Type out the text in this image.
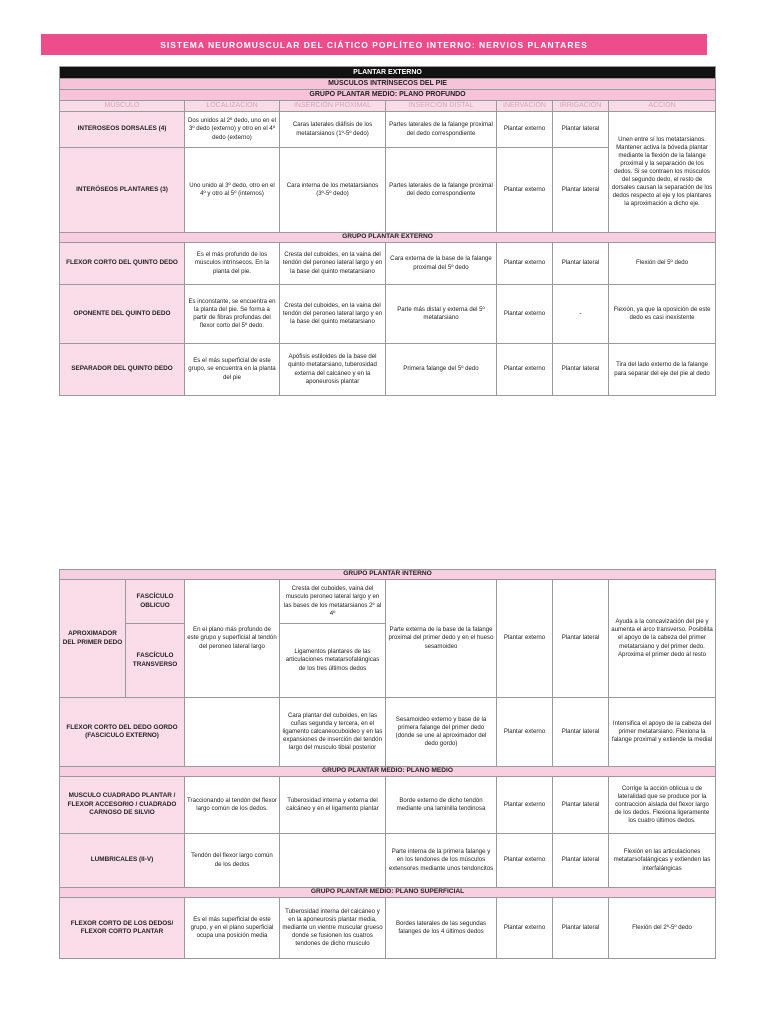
SISTEMA NEUROMUSCULAR DEL CIÁTICO POPLÍTEO INTERNO: NERVIOS PLANTARES
PLANTAR EXTERNO						
MÚSCULOS INTRÍNSECOS DEL PIE						
GRUPO PLANTAR MEDIO: PLANO PROFUNDO						
MÚSCULO	LOCALIZACIÓN	INSERCIÓN PROXIMAL	INSERCIÓN DISTAL	INERVACIÓN	IRRIGACIÓN	ACCIÓN
INTEROSEOS DORSALES (4)	Dos unidos al 2º dedo, uno en el 3º dedo (externo) y otro en el 4º dedo (externo)	Caras laterales diáfisis de los metatarsianos (1º-5º dedo)	Partes laterales de la falange proximal del dedo correspondiente	Plantar externo	Plantar lateral	Unen entre sí los metatarsianos. Mantener activa la bóveda plantar mediante la flexión de la falange proximal y la separación de los dedos. Si se contraen los músculos del segundo dedo, el resto de dorsales causan la separación de los dedos respecto al eje y los plantares la aproximación a dicho eje.
INTERÓSEOS PLANTARES (3)	Uno unido al 3º dedo, otro en el 4º y otro al 5º (internos)	Cara interna de los metatarsianos (3º-5º dedo)	Partes laterales de la falange proximal del dedo correspondiente	Plantar externo	Plantar lateral	
GRUPO PLANTAR EXTERNO						
FLEXOR CORTO DEL QUINTO DEDO	Es el más profundo de los músculos intrínsecos. En la planta del pie.	Cresta del cuboides, en la vaina del tendón del peroneo lateral largo y en la base del quinto metatarsiano	Cara externa de la base de la falange proximal del 5º dedo	Plantar externo	Plantar lateral	Flexión del 5º dedo
OPONENTE DEL QUINTO DEDO	Es inconstante, se encuentra en la planta del pie. Se forma a partir de fibras profundas del flexor corto del 5º dedo.	Cresta del cuboides, en la vaina del tendón del peroneo lateral largo y en la base del quinto metatarsiano	Parte más distal y externa del 5º metatarsiano	Plantar externo	-	Flexión, ya que la oposición de este dedo es casi inexistente
SEPARADOR DEL QUINTO DEDO	Es el más superficial de este grupo, se encuentra en la planta del pie	Apófisis estiloides de la base del quinto metatarsiano, tuberosidad externa del calcáneo y en la aponeurosis plantar	Primera falange del 5º dedo	Plantar externo	Plantar lateral	Tira del lado externo de la falange para separar del eje del pie al dedo
GRUPO PLANTAR INTERNO							
APROXIMADOR DEL PRIMER DEDO	FASCÍCULO OBLICUO	En el plano más profundo de este grupo y superficial al tendón del peroneo lateral largo	Cresta del cuboides, vaina del musculo peroneo lateral largo y en las bases de los metatarsianos 2º al 4º	Parte externa de la base de la falange proximal del primer dedo y en el hueso sesamoideo	Plantar externo	Plantar lateral	Ayuda a la concavización del pie y aumenta el arco transverso. Posibilita el apoyo de la cabeza del primer metatarsiano y del primer dedo. Aproxima el primer dedo al resto
	FASCÍCULO TRANSVERSO		Ligamentos plantares de las articulaciones metatarsofalángicas de los tres últimos dedos				
FLEXOR CORTO DEL DEDO GORDO (FASCICULO EXTERNO)			Cara plantar del cuboides, en las cuñas segunda y tercera, en el ligamento calcaneocuboideo y en las expansiones de inserción del tendón largo del musculo tibial posterior	Sesamoideo externo y base de la primera falange del primer dedo (donde se une al aproximador del dedo gordo)	Plantar externo	Plantar lateral	Intensifica el apoyo de la cabeza del primer metatarsiano. Flexiona la falange proximal y extiende la medial
GRUPO PLANTAR MEDIO: PLANO MEDIO							
MUSCULO CUADRADO PLANTAR / FLEXOR ACCESORIO / CUADRADO CARNOSO DE SILVIO		Traccionando al tendón del flexor largo común de los dedos.	Tuberosidad interna y externa del calcáneo y en el ligamento plantar	Borde externo de dicho tendón mediante una laminilla tendinosa	Plantar externo	Plantar lateral	Corrige la acción oblicua u de lateralidad que se produce por la contracción aislada del flexor largo de los dedos. Flexiona ligeramente los cuatro últimos dedos.
LUMBRICALES (II-V)		Tendón del flexor largo común de los dedos		Parte interna de la primera falange y en los tendones de los músculos extensores mediante unos tendoncitos	Plantar externo	Plantar lateral	Flexión en las articulaciones metatarsofalángicas y extienden las interfalángicas
GRUPO PLANTAR MEDIO: PLANO SUPERFICIAL							
FLEXOR CORTO DE LOS DEDOS/ FLEXOR CORTO PLANTAR		Es el más superficial de este grupo, y en el plano superficial ocupa una posición media	Tuberosidad interna del calcáneo y en la aponeurosis plantar media, mediante un vientre muscular grueso donde se fusionen los cuatros tendones de dicho musculo	Bordes laterales de las segundas falanges de los 4 últimos dedos	Plantar externo	Plantar lateral	Flexión del 2º-5º dedo
